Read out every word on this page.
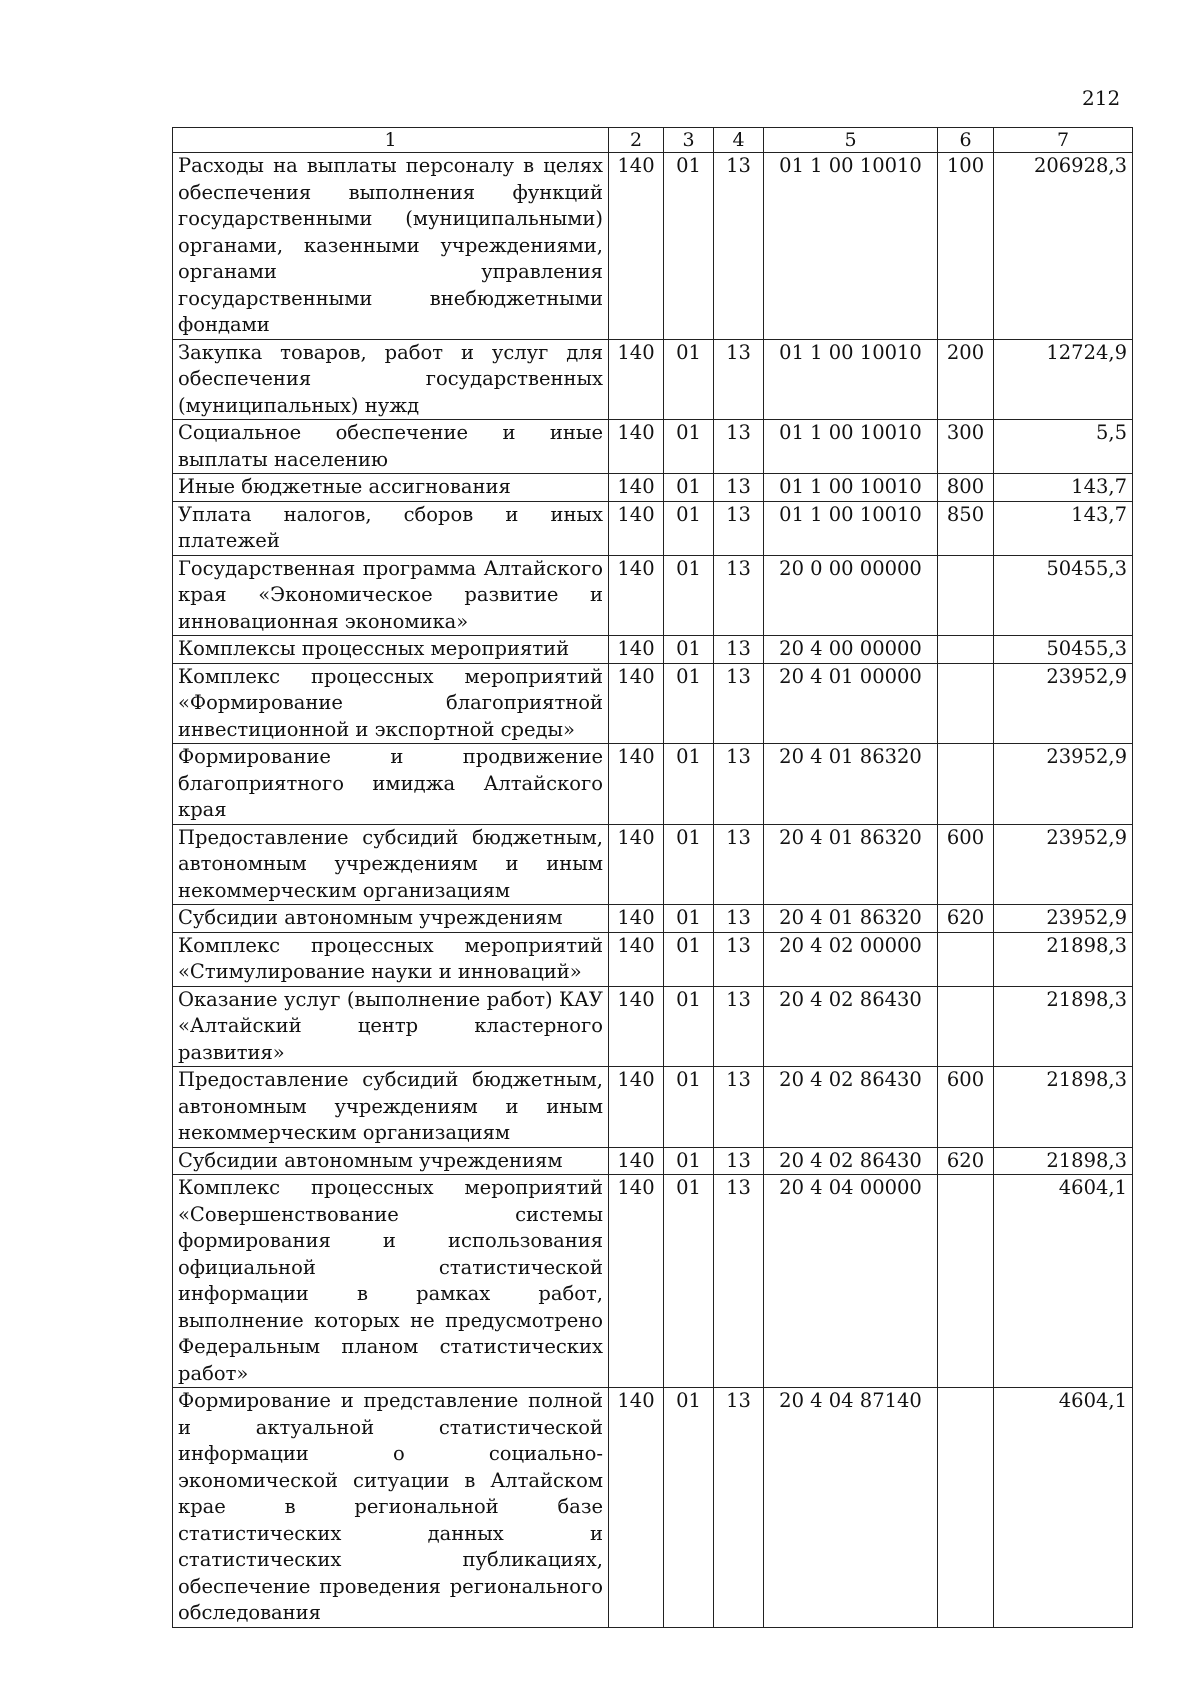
212
1	2	3	4	5	6	7
Расходы на выплаты персоналу в целях обеспечения выполнения функций государственными (муниципальными) органами, казенными учреждениями, органами управления государственными внебюджетными фондами	140	01	13	01 1 00 10010	100	206928,3
Закупка товаров, работ и услуг для обеспечения государственных (муниципальных) нужд	140	01	13	01 1 00 10010	200	12724,9
Социальное обеспечение и иные выплаты населению	140	01	13	01 1 00 10010	300	5,5
Иные бюджетные ассигнования	140	01	13	01 1 00 10010	800	143,7
Уплата налогов, сборов и иных платежей	140	01	13	01 1 00 10010	850	143,7
Государственная программа Алтайского края «Экономическое развитие и инновационная экономика»	140	01	13	20 0 00 00000		50455,3
Комплексы процессных мероприятий	140	01	13	20 4 00 00000		50455,3
Комплекс процессных мероприятий «Формирование благоприятной инвестиционной и экспортной среды»	140	01	13	20 4 01 00000		23952,9
Формирование и продвижение благоприятного имиджа Алтайского края	140	01	13	20 4 01 86320		23952,9
Предоставление субсидий бюджетным, автономным учреждениям и иным некоммерческим организациям	140	01	13	20 4 01 86320	600	23952,9
Субсидии автономным учреждениям	140	01	13	20 4 01 86320	620	23952,9
Комплекс процессных мероприятий «Стимулирование науки и инноваций»	140	01	13	20 4 02 00000		21898,3
Оказание услуг (выполнение работ) КАУ «Алтайский центр кластерного развития»	140	01	13	20 4 02 86430		21898,3
Предоставление субсидий бюджетным, автономным учреждениям и иным некоммерческим организациям	140	01	13	20 4 02 86430	600	21898,3
Субсидии автономным учреждениям	140	01	13	20 4 02 86430	620	21898,3
Комплекс процессных мероприятий «Совершенствование системы формирования и использования официальной статистической информации в рамках работ, выполнение которых не предусмотрено Федеральным планом статистических работ»	140	01	13	20 4 04 00000		4604,1
Формирование и представление полной и актуальной статистической информации о социально-экономической ситуации в Алтайском крае в региональной базе статистических данных и статистических публикациях, обеспечение проведения регионального обследования	140	01	13	20 4 04 87140		4604,1
